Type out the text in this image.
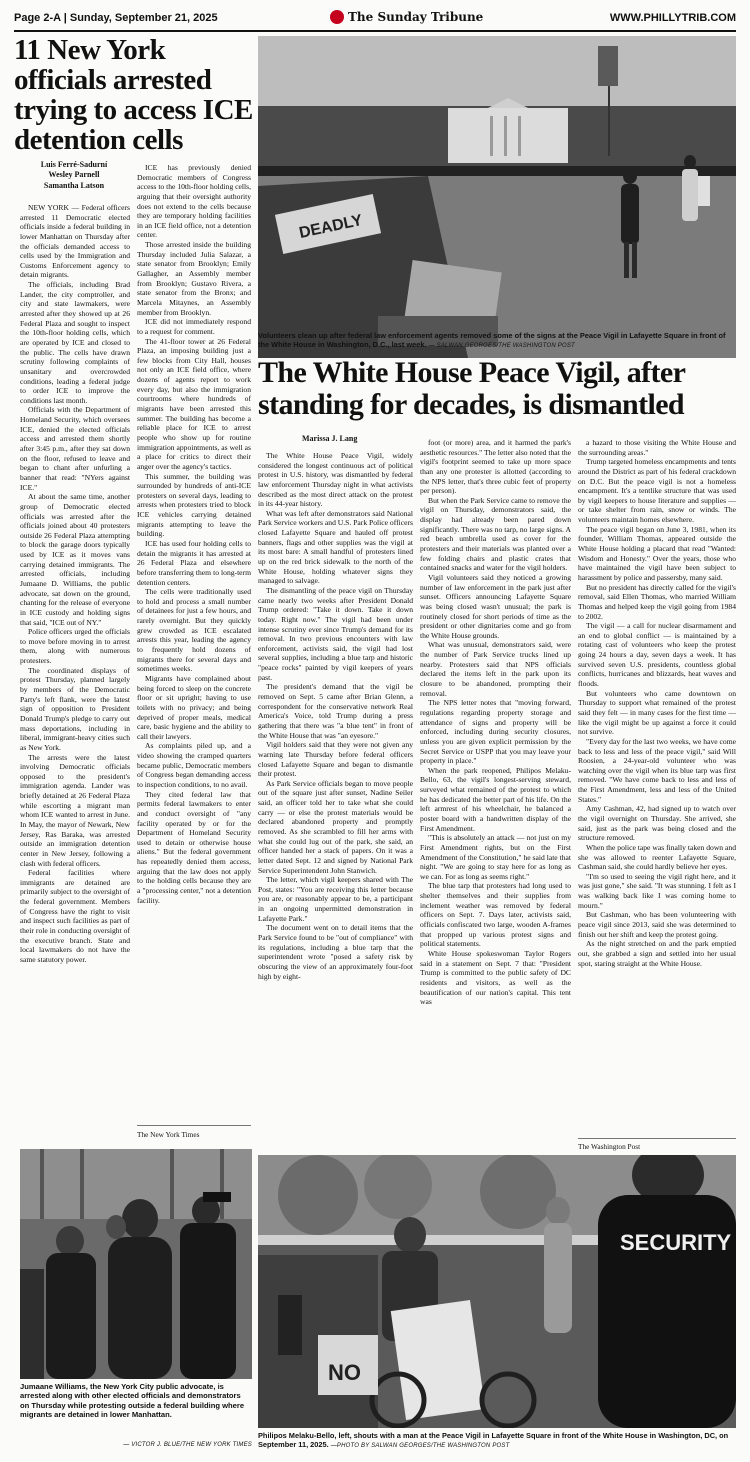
Page 2-A | Sunday, September 21, 2025	The Sunday Tribune	WWW.PHILLYTRIB.COM
11 New York officials arrested trying to access ICE detention cells
Luis Ferré-Sadurní
Wesley Parnell
Samantha Latson

NEW YORK — Federal officers arrested 11 Democratic elected officials inside a federal building in lower Manhattan on Thursday after the officials demanded access to cells used by the Immigration and Customs Enforcement agency to detain migrants.

The officials, including Brad Lander, the city comptroller, and city and state lawmakers, were arrested after they showed up at 26 Federal Plaza and sought to inspect the 10th-floor holding cells, which are operated by ICE and closed to the public. The cells have drawn scrutiny following complaints of unsanitary and overcrowded conditions, leading a federal judge to order ICE to improve the conditions last month.

Officials with the Department of Homeland Security, which oversees ICE, denied the elected officials access and arrested them shortly after 3:45 p.m., after they sat down on the floor, refused to leave and began to chant after unfurling a banner that read: "NYers against ICE."

At about the same time, another group of Democratic elected officials was arrested after the officials joined about 40 protesters outside 26 Federal Plaza attempting to block the garage doors typically used by ICE as it moves vans carrying detained immigrants. The arrested officials, including Jumaane D. Williams, the public advocate, sat down on the ground, chanting for the release of everyone in ICE custody and holding signs that said, "ICE out of NY."

Police officers urged the officials to move before moving in to arrest them, along with numerous protesters.

The coordinated displays of protest Thursday, planned largely by members of the Democratic Party's left flank, were the latest sign of opposition to President Donald Trump's pledge to carry out mass deportations, including in liberal, immigrant-heavy cities such as New York.

The arrests were the latest involving Democratic officials opposed to the president's immigration agenda. Lander was briefly detained at 26 Federal Plaza while escorting a migrant man whom ICE wanted to arrest in June. In May, the mayor of Newark, New Jersey, Ras Baraka, was arrested outside an immigration detention center in New Jersey, following a clash with federal officers.

Federal facilities where immigrants are detained are primarily subject to the oversight of the federal government. Members of Congress have the right to visit and inspect such facilities as part of their role in conducting oversight of the executive branch. State and local lawmakers do not have the same statutory power.

ICE has previously denied Democratic members of Congress access to the 10th-floor holding cells, arguing that their oversight authority does not extend to the cells because they are temporary holding facilities in an ICE field office, not a detention center.

Those arrested inside the building Thursday included Julia Salazar, a state senator from Brooklyn; Emily Gallagher, an Assembly member from Brooklyn; Gustavo Rivera, a state senator from the Bronx; and Marcela Mitaynes, an Assembly member from Brooklyn.

ICE did not immediately respond to a request for comment.

The 41-floor tower at 26 Federal Plaza, an imposing building just a few blocks from City Hall, houses not only an ICE field office, where dozens of agents report to work every day, but also the immigration courtrooms where hundreds of migrants have been arrested this summer. The building has become a reliable place for ICE to arrest people who show up for routine immigration appointments, as well as a place for critics to direct their anger over the agency's tactics.

This summer, the building was surrounded by hundreds of anti-ICE protesters on several days, leading to arrests when protesters tried to block ICE vehicles carrying detained migrants attempting to leave the building.

ICE has used four holding cells to detain the migrants it has arrested at 26 Federal Plaza and elsewhere before transferring them to long-term detention centers.

The cells were traditionally used to hold and process a small number of detainees for just a few hours, and rarely overnight. But they quickly grew crowded as ICE escalated arrests this year, leading the agency to frequently hold dozens of migrants there for several days and sometimes weeks.

Migrants have complained about being forced to sleep on the concrete floor or sit upright; having to use toilets with no privacy; and being deprived of proper meals, medical care, basic hygiene and the ability to call their lawyers.

As complaints piled up, and a video showing the cramped quarters became public, Democratic members of Congress began demanding access to inspection conditions, to no avail.

They cited federal law that permits federal lawmakers to enter and conduct oversight of "any facility operated by or for the Department of Homeland Security used to detain or otherwise house aliens." But the federal government has repeatedly denied them access, arguing that the law does not apply to the holding cells because they are a "processing center," not a detention facility.

The New York Times
Jumaane Williams, the New York City public advocate, is arrested along with other elected officials and demonstrators on Thursday while protesting outside a federal building where migrants are detained in lower Manhattan.
— VICTOR J. BLUE/THE NEW YORK TIMES
DEADLY
Volunteers clean up after federal law enforcement agents removed some of the signs at the Peace Vigil in Lafayette Square in front of the White House in Washington, D.C., last week. — SALWAN GEORGES/THE WASHINGTON POST
The White House Peace Vigil, after standing for decades, is dismantled
Marissa J. Lang

The White House Peace Vigil, widely considered the longest continuous act of political protest in U.S. history, was dismantled by federal law enforcement Thursday night in what activists described as the most direct attack on the protest in its 44-year history.

What was left after demonstrators said National Park Service workers and U.S. Park Police officers closed Lafayette Square and hauled off protest banners, flags and other supplies was the vigil at its most bare: A small handful of protesters lined up on the red brick sidewalk to the north of the White House, holding whatever signs they managed to salvage.

The dismantling of the peace vigil on Thursday came nearly two weeks after President Donald Trump ordered: "Take it down. Take it down today. Right now." The vigil had been under intense scrutiny ever since Trump's demand for its removal. In two previous encounters with law enforcement, activists said, the vigil had lost several supplies, including a blue tarp and historic "peace rocks" painted by vigil keepers of years past.

The president's demand that the vigil be removed on Sept. 5 came after Brian Glenn, a correspondent for the conservative network Real America's Voice, told Trump during a press gathering that there was "a blue tent" in front of the White House that was "an eyesore."

Vigil holders said that they were not given any warning late Thursday before federal officers closed Lafayette Square and began to dismantle their protest.

As Park Service officials began to move people out of the square just after sunset, Nadine Seiler said, an officer told her to take what she could carry — or else the protest materials would be declared abandoned property and promptly removed. As she scrambled to fill her arms with what she could lug out of the park, she said, an officer handed her a stack of papers. On it was a letter dated Sept. 12 and signed by National Park Service Superintendent John Stanwich.

The letter, which vigil keepers shared with The Post, states: "You are receiving this letter because you are, or reasonably appear to be, a participant in an ongoing unpermitted demonstration in Lafayette Park."

The document went on to detail items that the Park Service found to be "out of compliance" with its regulations, including a blue tarp that the superintendent wrote "posed a safety risk by obscuring the view of an approximately four-foot high by eight-

foot (or more) area, and it harmed the park's aesthetic resources." The letter also noted that the vigil's footprint seemed to take up more space than any one protester is allotted (according to the NPS letter, that's three cubic feet of property per person).

But when the Park Service came to remove the vigil on Thursday, demonstrators said, the display had already been pared down significantly. There was no tarp, no large signs. A red beach umbrella used as cover for the protesters and their materials was planted over a few folding chairs and plastic crates that contained snacks and water for the vigil holders.

Vigil volunteers said they noticed a growing number of law enforcement in the park just after sunset. Officers announcing Lafayette Square was being closed wasn't unusual; the park is routinely closed for short periods of time as the president or other dignitaries come and go from the White House grounds.

What was unusual, demonstrators said, were the number of Park Service trucks lined up nearby. Protesters said that NPS officials declared the items left in the park upon its closure to be abandoned, prompting their removal.

The NPS letter notes that "moving forward, regulations regarding property storage and attendance of signs and property will be enforced, including during security closures, unless you are given explicit permission by the Secret Service or USPP that you may leave your property in place."

When the park reopened, Philipos Melaku-Bello, 63, the vigil's longest-serving steward, surveyed what remained of the protest to which he has dedicated the better part of his life. On the left armrest of his wheelchair, he balanced a poster board with a handwritten display of the First Amendment.

"This is absolutely an attack — not just on my First Amendment rights, but on the First Amendment of the Constitution," he said late that night. "We are going to stay here for as long as we can. For as long as seems right."

The blue tarp that protesters had long used to shelter themselves and their supplies from inclement weather was removed by federal officers on Sept. 7. Days later, activists said, officials confiscated two large, wooden A-frames that propped up various protest signs and political statements.

White House spokeswoman Taylor Rogers said in a statement on Sept. 7 that: "President Trump is committed to the public safety of DC residents and visitors, as well as the beautification of our nation's capital. This tent was

a hazard to those visiting the White House and the surrounding areas."

Trump targeted homeless encampments and tents around the District as part of his federal crackdown on D.C. But the peace vigil is not a homeless encampment. It's a tentlike structure that was used by vigil keepers to house literature and supplies — or take shelter from rain, snow or winds. The volunteers maintain homes elsewhere.

The peace vigil began on June 3, 1981, when its founder, William Thomas, appeared outside the White House holding a placard that read "Wanted: Wisdom and Honesty." Over the years, those who have maintained the vigil have been subject to harassment by police and passersby, many said.

But no president has directly called for the vigil's removal, said Ellen Thomas, who married William Thomas and helped keep the vigil going from 1984 to 2002.

The vigil — a call for nuclear disarmament and an end to global conflict — is maintained by a rotating cast of volunteers who keep the protest going 24 hours a day, seven days a week. It has survived seven U.S. presidents, countless global conflicts, hurricanes and blizzards, heat waves and floods.

But volunteers who came downtown on Thursday to support what remained of the protest said they felt — in many cases for the first time — like the vigil might be up against a force it could not survive.

"Every day for the last two weeks, we have come back to less and less of the peace vigil," said Will Roosien, a 24-year-old volunteer who was watching over the vigil when its blue tarp was first removed. "We have come back to less and less of the First Amendment, less and less of the United States."

Amy Cashman, 42, had signed up to watch over the vigil overnight on Thursday. She arrived, she said, just as the park was being closed and the structure removed.

When the police tape was finally taken down and she was allowed to reenter Lafayette Square, Cashman said, she could hardly believe her eyes.

"I'm so used to seeing the vigil right here, and it was just gone," she said. "It was stunning. I felt as I was walking back like I was coming home to mourn."

But Cashman, who has been volunteering with peace vigil since 2013, said she was determined to finish out her shift and keep the protest going.

As the night stretched on and the park emptied out, she grabbed a sign and settled into her usual spot, staring straight at the White House.

The Washington Post
NO
SECURITY
Philipos Melaku-Bello, left, shouts with a man at the Peace Vigil in Lafayette Square in front of the White House in Washington, DC, on September 11, 2025. —PHOTO BY SALWAN GEORGES/THE WASHINGTON POST
